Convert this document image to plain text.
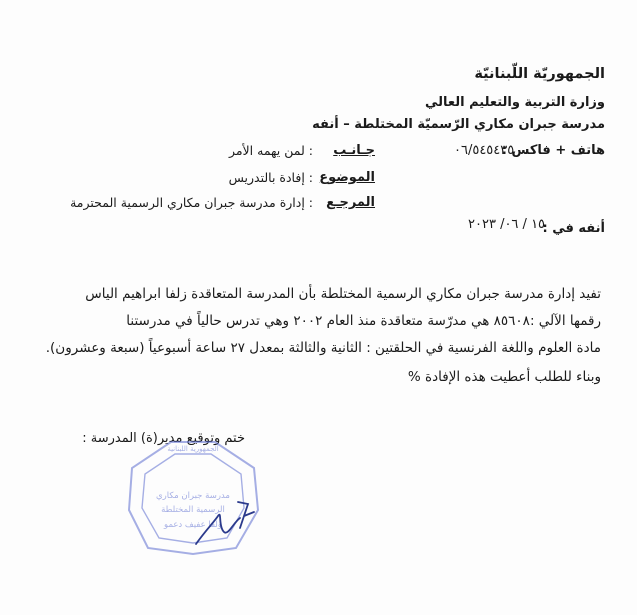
الجمهوريّة اللّبنانيّة
وزارة التربية والتعليم العالي
مدرسة جبران مكاري الرّسميّة المختلطة – أنفه
هاتف + فاكس :
٠٦/٥٤٥٤٣٥
جـانـب
: لمن يهمه الأمر
الموضوع
: إفادة بالتدريس
المرجـع
: إدارة مدرسة جبران مكاري الرسمية المحترمة
أنفه في :
١٥ / ٠٦/ ٢٠٢٣
تفيد إدارة مدرسة جبران مكاري الرسمية المختلطة بأن المدرسة المتعاقدة زلفا ابراهيم الياس
رقمها الآلي :٨٥٦٠٨ هي مدرّسة متعاقدة منذ العام ٢٠٠٢ وهي تدرس حالياً في مدرستنا
مادة العلوم واللغة الفرنسية في الحلقتين : الثانية والثالثة بمعدل ٢٧ ساعة أسبوعياً (سبعة وعشرون).
وبناء للطلب أعطيت هذه الإفادة %
ختم وتوقيع مدير(ة) المدرسة :
الجمهورية اللبنانية
مدرسة جبران مكاري
الرسمية المختلطة
ولفا عفيف دعمو
